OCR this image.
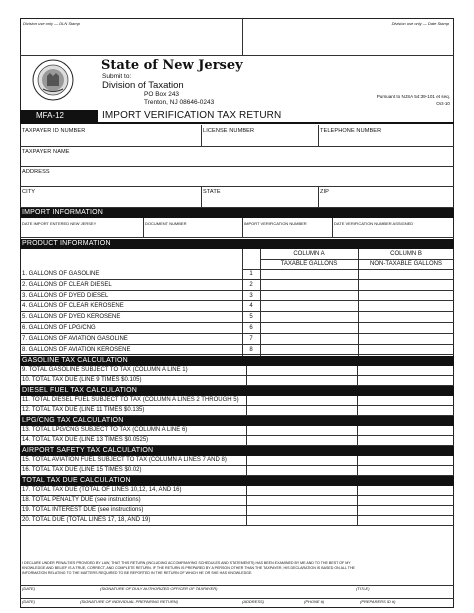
Division use only — DLN Stamp	Division use only — Date Stamp
State of New Jersey
Submit to:
Division of Taxation
PO Box 243
Trenton, NJ 08646-0243
Pursuant to NJSA 54:39-101 et seq.
Oct-10
MFA-12	IMPORT VERIFICATION TAX RETURN
TAXPAYER ID NUMBER	LICENSE NUMBER	TELEPHONE NUMBER
TAXPAYER NAME
ADDRESS
CITY	STATE	ZIP
IMPORT INFORMATION
DATE IMPORT ENTERED NEW JERSEY	DOCUMENT NUMBER	IMPORT VERIFICATION NUMBER	DATE VERIFICATION NUMBER ASSIGNED
PRODUCT INFORMATION
COLUMN A
TAXABLE GALLONS
COLUMN B
NON-TAXABLE GALLONS
1. GALLONS OF GASOLINE	1
2. GALLONS OF CLEAR DIESEL	2
3. GALLONS OF DYED DIESEL	3
4. GALLONS OF CLEAR KEROSENE	4
5. GALLONS OF DYED KEROSENE	5
6. GALLONS OF LPG/CNG	6
7. GALLONS OF AVIATION GASOLINE	7
8. GALLONS OF AVIATION KEROSENE	8
GASOLINE TAX CALCULATION
9. TOTAL GASOLINE SUBJECT TO TAX (COLUMN A LINE 1)
10. TOTAL TAX DUE (LINE 9 TIMES $0.105)
DIESEL FUEL TAX CALCULATION
11. TOTAL DIESEL FUEL SUBJECT TO TAX (COLUMN A LINES 2 THROUGH 5)
12. TOTAL TAX DUE (LINE 11 TIMES $0.135)
LPG/CNG TAX CALCULATION
13. TOTAL LPG/CNG SUBJECT TO TAX (COLUMN A LINE 6)
14. TOTAL TAX DUE (LINE 13 TIMES $0.0525)
AIRPORT SAFETY TAX CALCULATION
15. TOTAL AVIATION FUEL SUBJECT TO TAX (COLUMN A LINES 7 AND 8)
16. TOTAL TAX DUE (LINE 15 TIMES $0.02)
TOTAL TAX DUE CALCULATION
17. TOTAL TAX DUE (TOTAL OF LINES 10,12, 14, AND 16)
18. TOTAL PENALTY DUE (see instructions)
19. TOTAL INTEREST DUE (see instructions)
20. TOTAL DUE (TOTAL LINES 17, 18, AND 19)
I DECLARE UNDER PENALTIES PROVIDED BY LAW, THAT THIS RETURN (INCLUDING ACCOMPANYING SCHEDULES AND STATEMENTS) HAS BEEN EXAMINED BY ME AND TO THE BEST OF MY
KNOWLEDGE AND BELIEF IS A TRUE, CORRECT, AND COMPLETE RETURN. IF THE RETURN IS PREPARED BY A PERSON OTHER THAN THE TAXPAYER, HIS DECLARATION IS BASED ON ALL THE
INFORMATION RELATING TO THE MATTERS REQUIRED TO BE REPORTED IN THE RETURN OF WHICH HE OR SHE HAS KNOWLEDGE.
(DATE)	(SIGNATURE OF DULY AUTHORIZED OFFICER OF TAXPAYER)	(TITLE)
(DATE)	(SIGNATURE OF INDIVIDUAL PREPARING RETURN)	(ADDRESS)	(PHONE #)	(PREPARERS ID #)
